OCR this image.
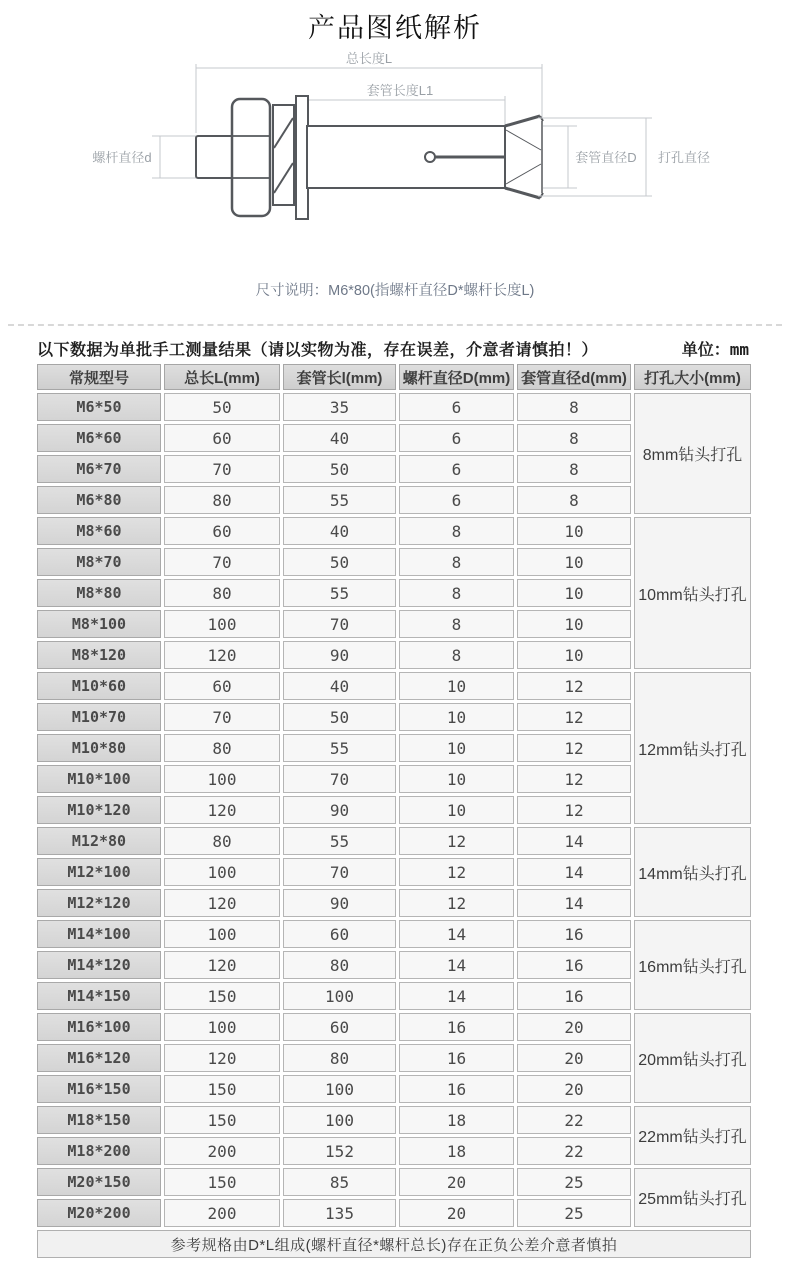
产品图纸解析
总长度L
套管长度L1
螺杆直径d	套管直径D 打孔直径
尺寸说明：M6*80(指螺杆直径D*螺杆长度L)
以下数据为单批手工测量结果（请以实物为准，存在误差，介意者请慎拍！）	单位：mm
常规型号	总长L(mm)	套管长l(mm)	螺杆直径D(mm)	套管直径d(mm)	打孔大小(mm)
M6*50	50	35	6	8	8mm钻头打孔
M6*60	60	40	6	8	
M6*70	70	50	6	8	
M6*80	80	55	6	8	
M8*60	60	40	8	10	10mm钻头打孔
M8*70	70	50	8	10	
M8*80	80	55	8	10	
M8*100	100	70	8	10	
M8*120	120	90	8	10	
M10*60	60	40	10	12	12mm钻头打孔
M10*70	70	50	10	12	
M10*80	80	55	10	12	
M10*100	100	70	10	12	
M10*120	120	90	10	12	
M12*80	80	55	12	14	14mm钻头打孔
M12*100	100	70	12	14	
M12*120	120	90	12	14	
M14*100	100	60	14	16	16mm钻头打孔
M14*120	120	80	14	16	
M14*150	150	100	14	16	
M16*100	100	60	16	20	20mm钻头打孔
M16*120	120	80	16	20	
M16*150	150	100	16	20	
M18*150	150	100	18	22	22mm钻头打孔
M18*200	200	152	18	22	
M20*150	150	85	20	25	25mm钻头打孔
M20*200	200	135	20	25	
参考规格由D*L组成(螺杆直径*螺杆总长)存在正负公差介意者慎拍					
